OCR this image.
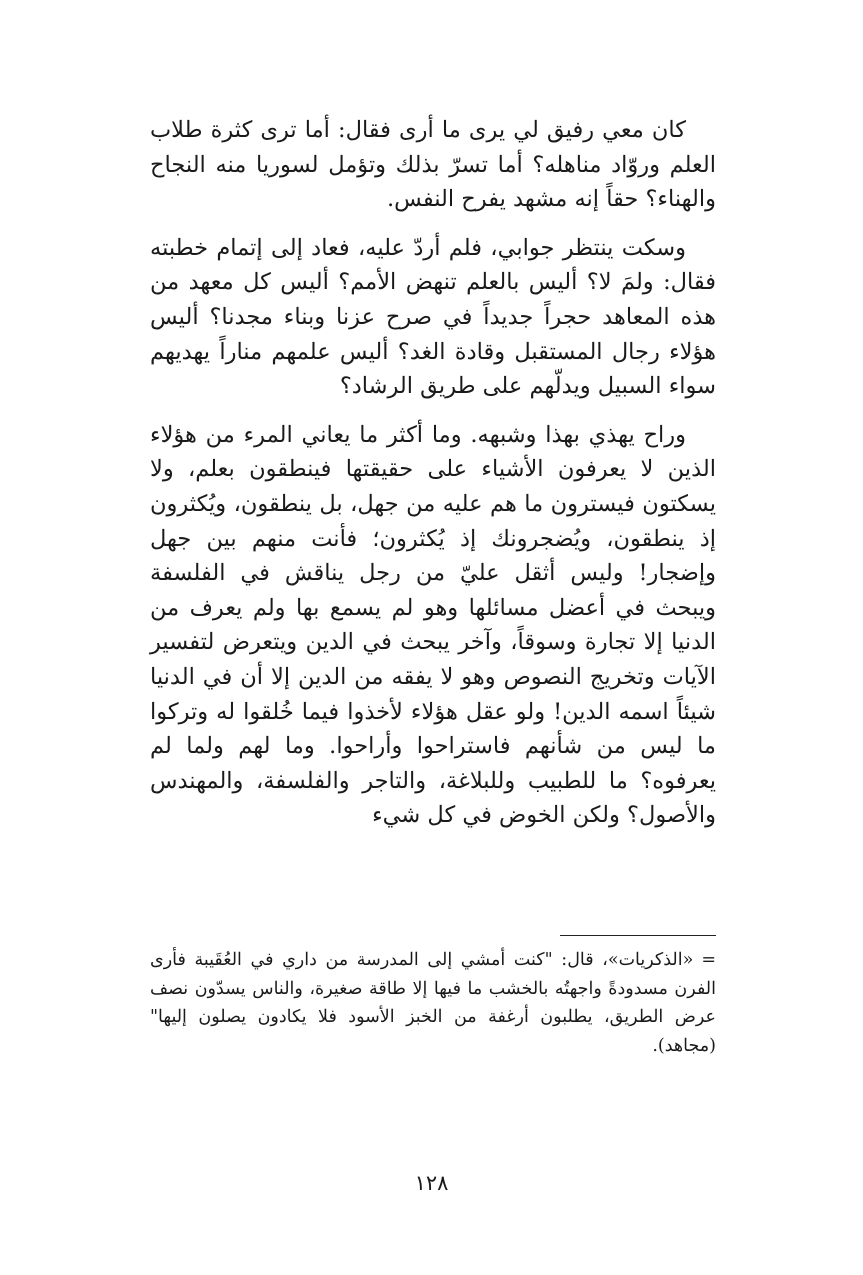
كان معي رفيق لي يرى ما أرى فقال: أما ترى كثرة طلاب العلم وروّاد مناهله؟ أما تسرّ بذلك وتؤمل لسوريا منه النجاح والهناء؟ حقاً إنه مشهد يفرح النفس.

وسكت ينتظر جوابي، فلم أردّ عليه، فعاد إلى إتمام خطبته فقال: ولمَ لا؟ أليس بالعلم تنهض الأمم؟ أليس كل معهد من هذه المعاهد حجراً جديداً في صرح عزنا وبناء مجدنا؟ أليس هؤلاء رجال المستقبل وقادة الغد؟ أليس علمهم مناراً يهديهم سواء السبيل ويدلّهم على طريق الرشاد؟

وراح يهذي بهذا وشبهه. وما أكثر ما يعاني المرء من هؤلاء الذين لا يعرفون الأشياء على حقيقتها فينطقون بعلم، ولا يسكتون فيسترون ما هم عليه من جهل، بل ينطقون، ويُكثرون إذ ينطقون، ويُضجرونك إذ يُكثرون؛ فأنت منهم بين جهل وإضجار! وليس أثقل عليّ من رجل يناقش في الفلسفة ويبحث في أعضل مسائلها وهو لم يسمع بها ولم يعرف من الدنيا إلا تجارة وسوقاً، وآخر يبحث في الدين ويتعرض لتفسير الآيات وتخريج النصوص وهو لا يفقه من الدين إلا أن في الدنيا شيئاً اسمه الدين! ولو عقل هؤلاء لأخذوا فيما خُلقوا له وتركوا ما ليس من شأنهم فاستراحوا وأراحوا. وما لهم ولما لم يعرفوه؟ ما للطبيب وللبلاغة، والتاجر والفلسفة، والمهندس والأصول؟ ولكن الخوض في كل شيء

=«الذكريات»، قال: "كنت أمشي إلى المدرسة من داري في العُقَيبة فأرى الفرن مسدودةً واجهتُه بالخشب ما فيها إلا طاقة صغيرة، والناس يسدّون نصف عرض الطريق، يطلبون أرغفة من الخبز الأسود فلا يكادون يصلون إليها" (مجاهد).

١٢٨
